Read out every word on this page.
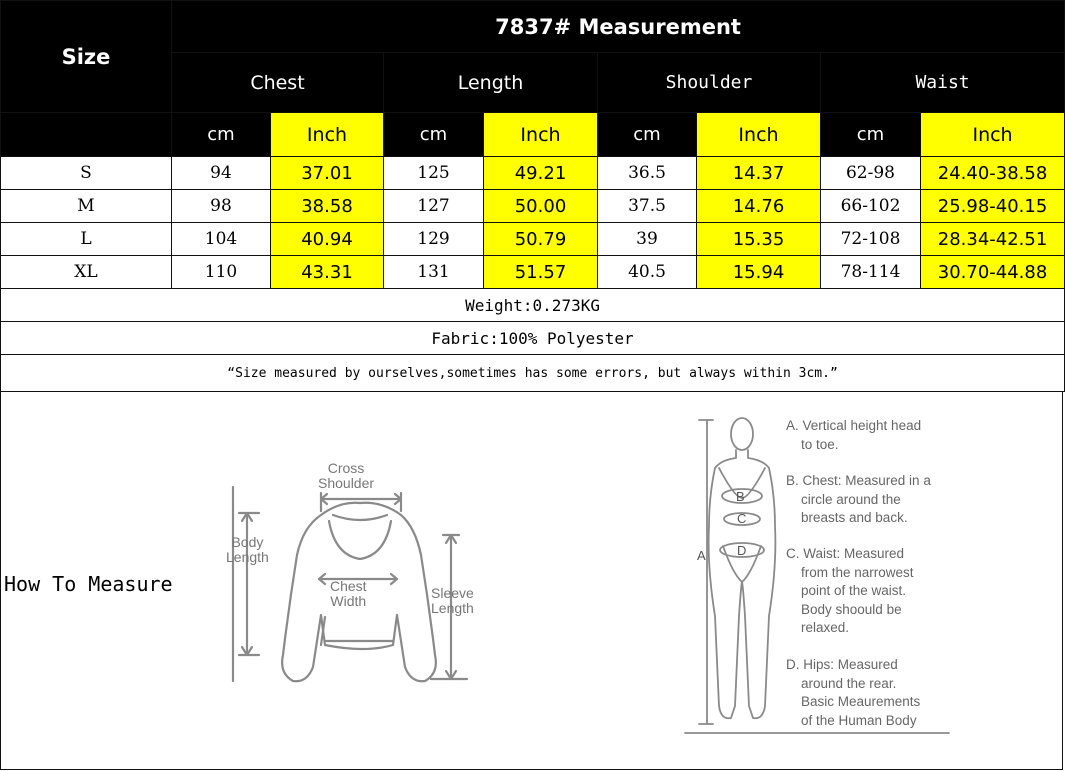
Size	7837# Measurement							
	Chest		Length		Shoulder		Waist	
	cm	Inch	cm	Inch	cm	Inch	cm	Inch
S	94	37.01	125	49.21	36.5	14.37	62-98	24.40-38.58
M	98	38.58	127	50.00	37.5	14.76	66-102	25.98-40.15
L	104	40.94	129	50.79	39	15.35	72-108	28.34-42.51
XL	110	43.31	131	51.57	40.5	15.94	78-114	30.70-44.88
Weight:0.273KG								
Fabric:100% Polyester								
“Size measured by ourselves,sometimes has some errors, but always within 3cm.”								
How To Measure
Cross
Shoulder
Body
Length
Chest
Width	Sleeve
Length
B
C
D
A
A. Vertical height head
to toe.
B. Chest: Measured in a
circle around the
breasts and back.
C. Waist: Measured
from the narrowest
point of the waist.
Body shoould be
relaxed.
D. Hips: Measured
around the rear.
Basic Meaurements
of the Human Body
